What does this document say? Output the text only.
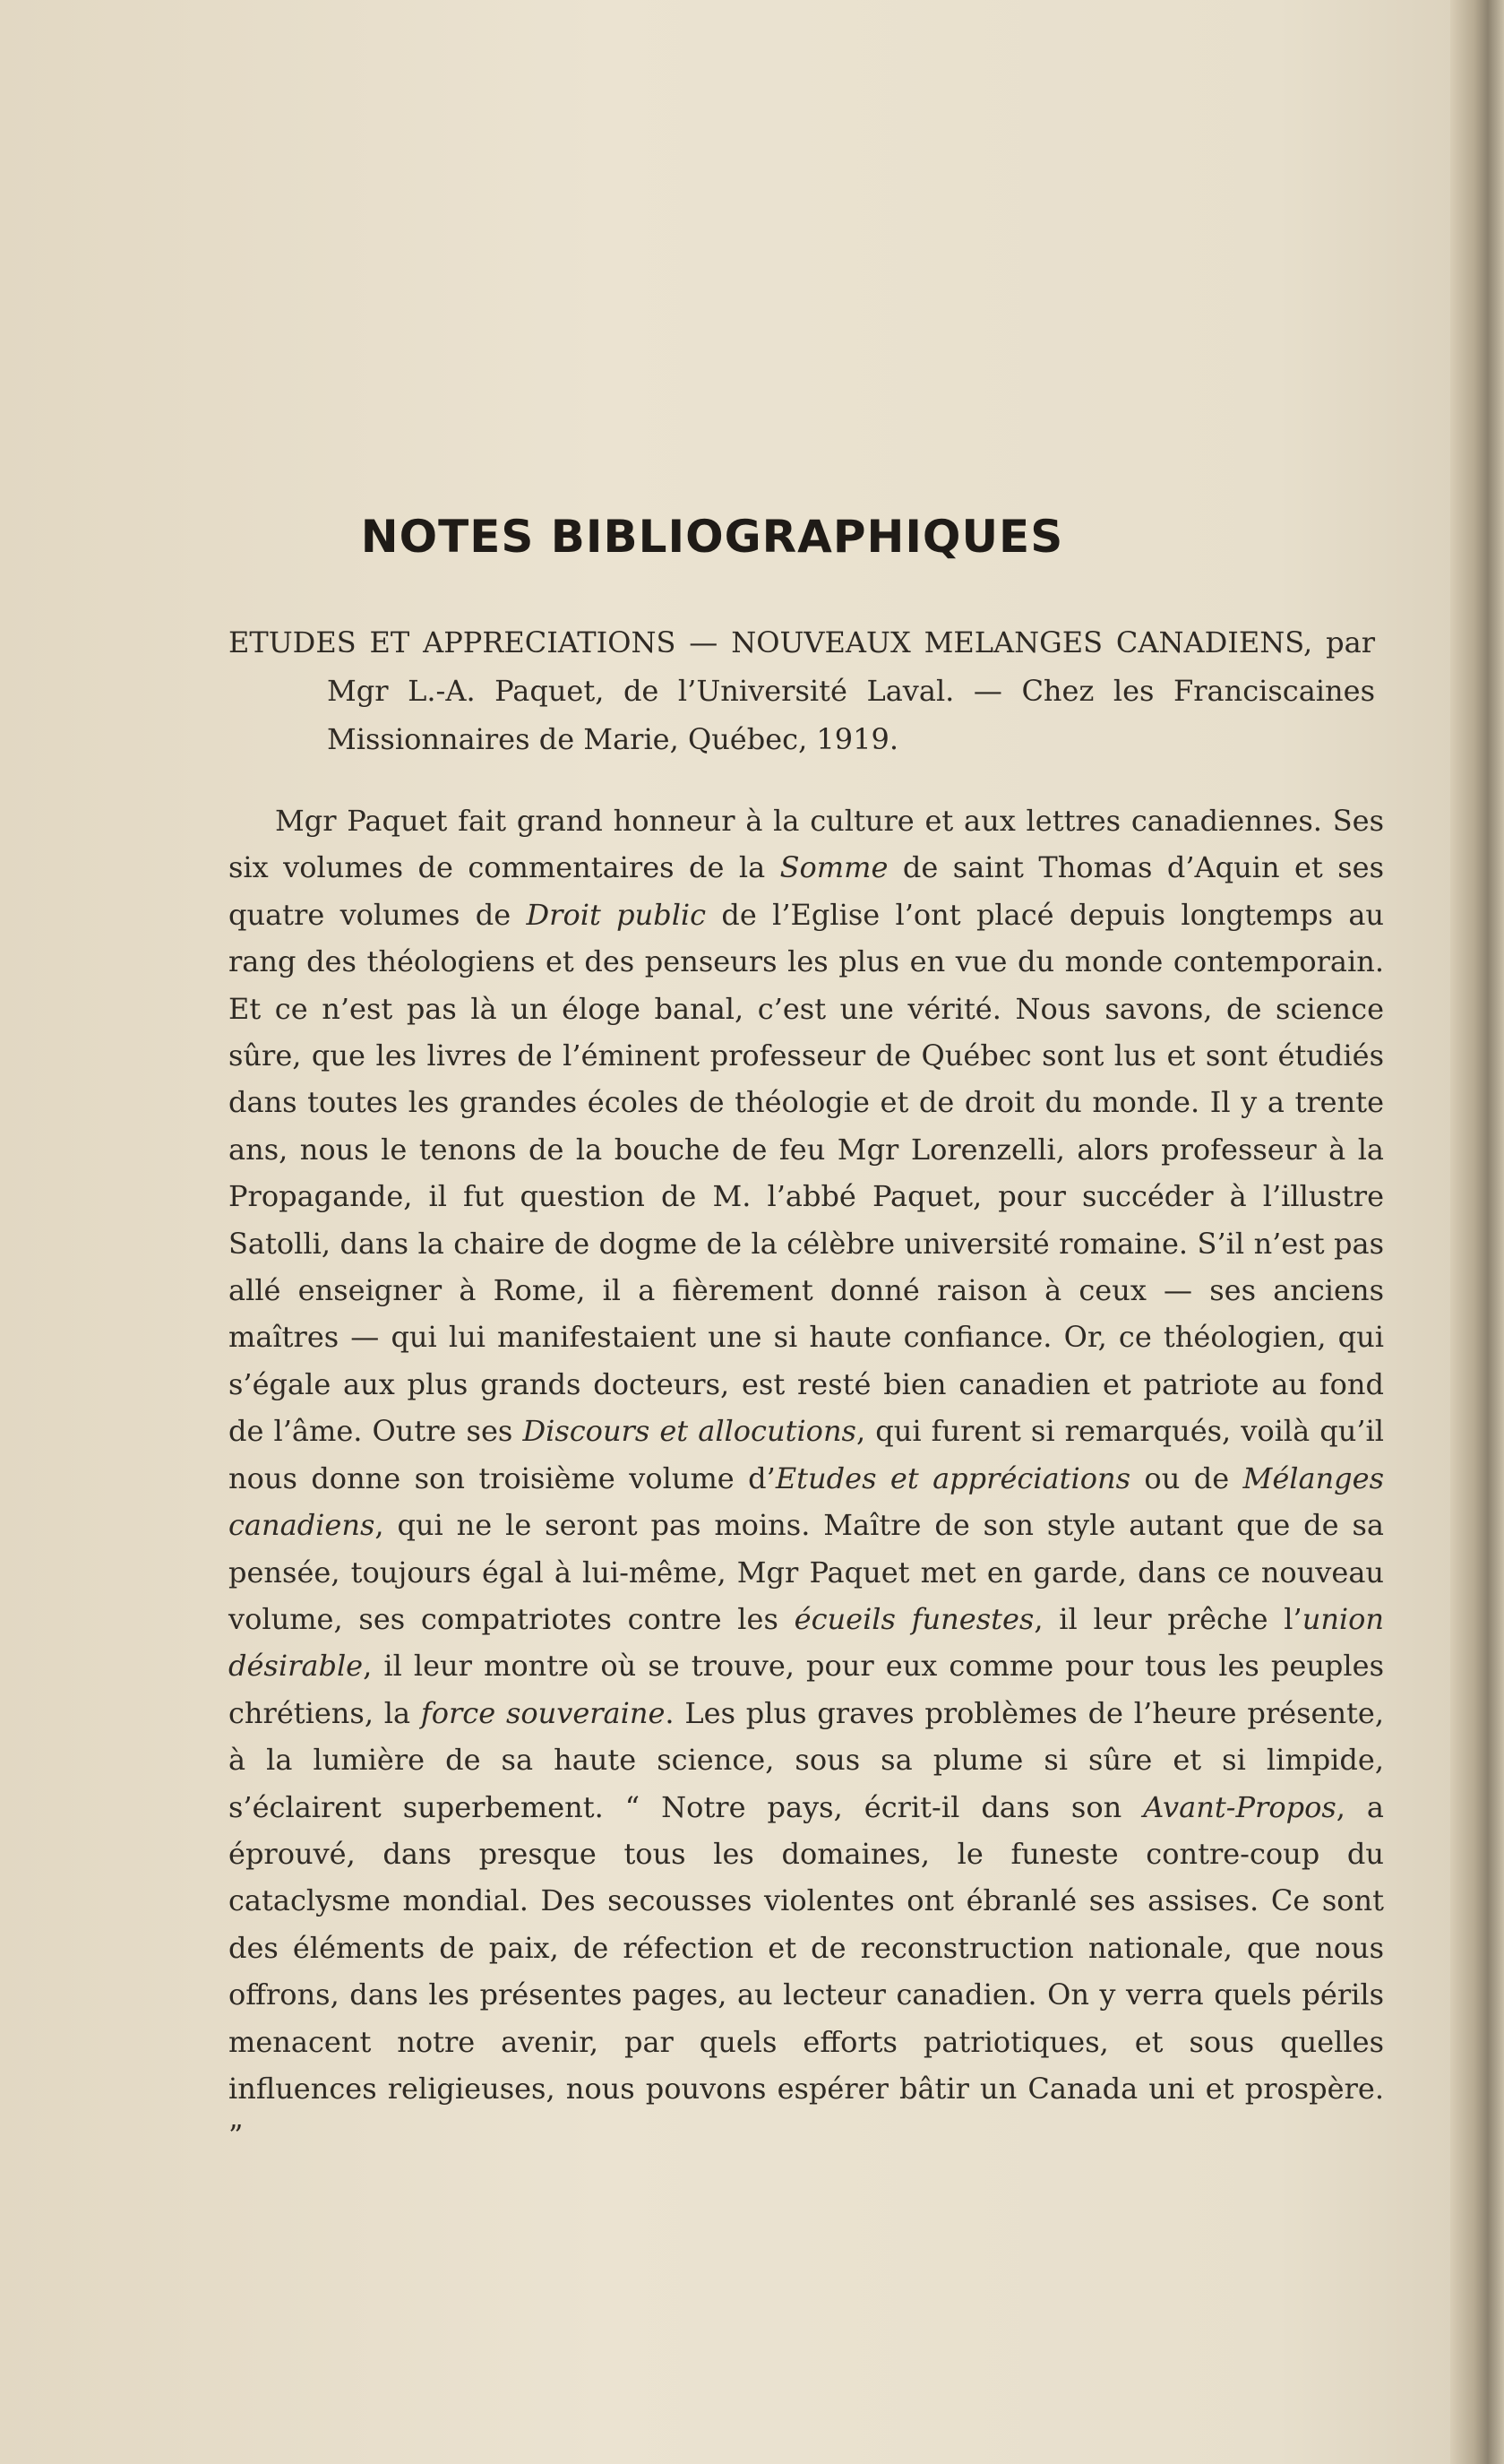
NOTES BIBLIOGRAPHIQUES
ETUDES ET APPRECIATIONS — NOUVEAUX MELANGES CANADIENS, par Mgr L.-A. Paquet, de l’Université Laval. — Chez les Franciscaines Missionnaires de Marie, Québec, 1919.

Mgr Paquet fait grand honneur à la culture et aux lettres canadiennes. Ses six volumes de commentaires de la Somme de saint Thomas d’Aquin et ses quatre volumes de Droit public de l’Eglise l’ont placé depuis longtemps au rang des théologiens et des penseurs les plus en vue du monde contemporain. Et ce n’est pas là un éloge banal, c’est une vérité. Nous savons, de science sûre, que les livres de l’éminent professeur de Québec sont lus et sont étudiés dans toutes les grandes écoles de théologie et de droit du monde. Il y a trente ans, nous le tenons de la bouche de feu Mgr Lorenzelli, alors professeur à la Propagande, il fut question de M. l’abbé Paquet, pour succéder à l’illustre Satolli, dans la chaire de dogme de la célèbre université romaine. S’il n’est pas allé enseigner à Rome, il a fièrement donné raison à ceux — ses anciens maîtres — qui lui manifestaient une si haute confiance. Or, ce théologien, qui s’égale aux plus grands docteurs, est resté bien canadien et patriote au fond de l’âme. Outre ses Discours et allocutions, qui furent si remarqués, voilà qu’il nous donne son troisième volume d’Etudes et appréciations ou de Mélanges canadiens, qui ne le seront pas moins. Maître de son style autant que de sa pensée, toujours égal à lui-même, Mgr Paquet met en garde, dans ce nouveau volume, ses compatriotes contre les écueils funestes, il leur prêche l’union désirable, il leur montre où se trouve, pour eux comme pour tous les peuples chrétiens, la force souveraine. Les plus graves problèmes de l’heure présente, à la lumière de sa haute science, sous sa plume si sûre et si limpide, s’éclairent superbement. “ Notre pays, écrit-il dans son Avant-Propos, a éprouvé, dans presque tous les domaines, le funeste contre-coup du cataclysme mondial. Des secousses violentes ont ébranlé ses assises. Ce sont des éléments de paix, de réfection et de reconstruction nationale, que nous offrons, dans les présentes pages, au lecteur canadien. On y verra quels périls menacent notre avenir, par quels efforts patriotiques, et sous quelles influences religieuses, nous pouvons espérer bâtir un Canada uni et prospère. ”
